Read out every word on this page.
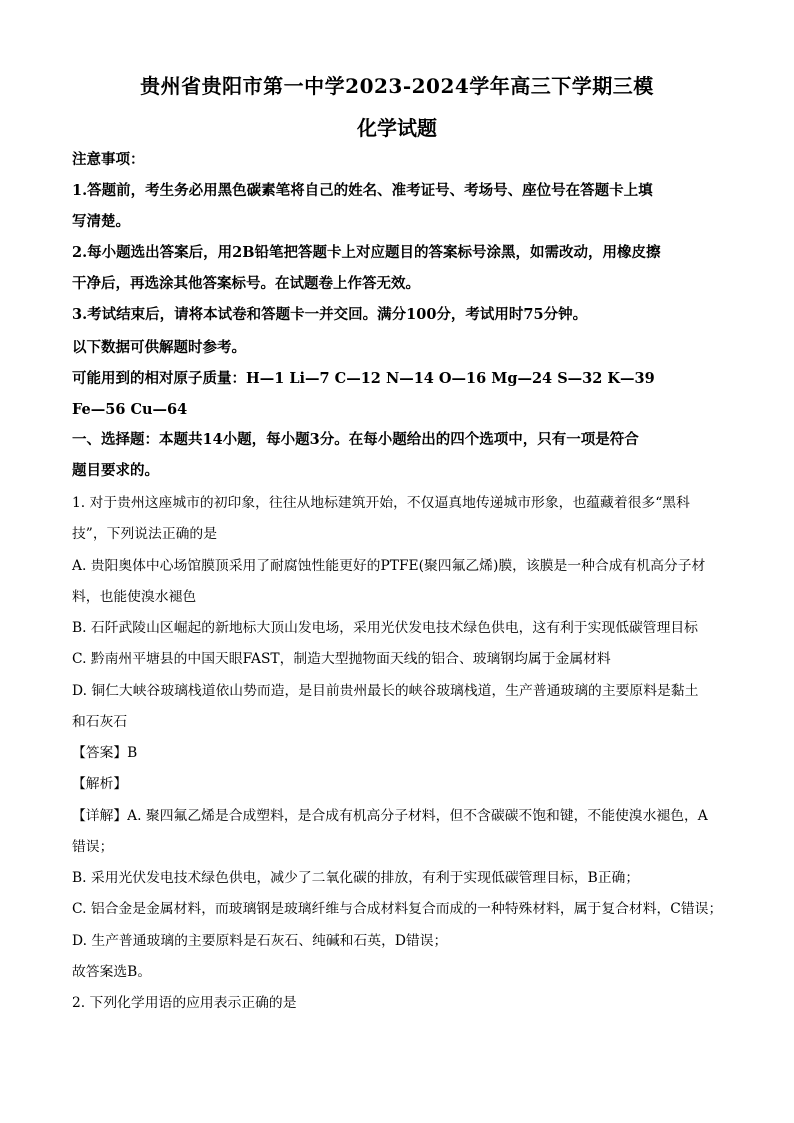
贵州省贵阳市第一中学2023-2024学年高三下学期三模
化学试题
注意事项：
1.答题前，考生务必用黑色碳素笔将自己的姓名、准考证号、考场号、座位号在答题卡上填
写清楚。
2.每小题选出答案后，用2B铅笔把答题卡上对应题目的答案标号涂黑，如需改动，用橡皮擦
干净后，再选涂其他答案标号。在试题卷上作答无效。
3.考试结束后，请将本试卷和答题卡一并交回。满分100分，考试用时75分钟。
以下数据可供解题时参考。
可能用到的相对原子质量：H—1 Li—7 C—12 N—14 O—16 Mg—24 S—32 K—39
Fe—56 Cu—64
一、选择题：本题共14小题，每小题3分。在每小题给出的四个选项中，只有一项是符合
题目要求的。
1. 对于贵州这座城市的初印象，往往从地标建筑开始，不仅逼真地传递城市形象，也蕴藏着很多“黑科
技”，下列说法正确的是
A. 贵阳奥体中心场馆膜顶采用了耐腐蚀性能更好的PTFE(聚四氟乙烯)膜，该膜是一种合成有机高分子材
料，也能使溴水褪色
B. 石阡武陵山区崛起的新地标大顶山发电场，采用光伏发电技术绿色供电，这有利于实现低碳管理目标
C. 黔南州平塘县的中国天眼FAST，制造大型抛物面天线的铝合、玻璃钢均属于金属材料
D. 铜仁大峡谷玻璃栈道依山势而造，是目前贵州最长的峡谷玻璃栈道，生产普通玻璃的主要原料是黏土
和石灰石
【答案】B
【解析】
【详解】A. 聚四氟乙烯是合成塑料，是合成有机高分子材料，但不含碳碳不饱和键，不能使溴水褪色，A
错误；
B. 采用光伏发电技术绿色供电，减少了二氧化碳的排放，有利于实现低碳管理目标，B正确；
C. 铝合金是金属材料，而玻璃钢是玻璃纤维与合成材料复合而成的一种特殊材料，属于复合材料，C错误；
D. 生产普通玻璃的主要原料是石灰石、纯碱和石英，D错误；
故答案选B。
2. 下列化学用语的应用表示正确的是
